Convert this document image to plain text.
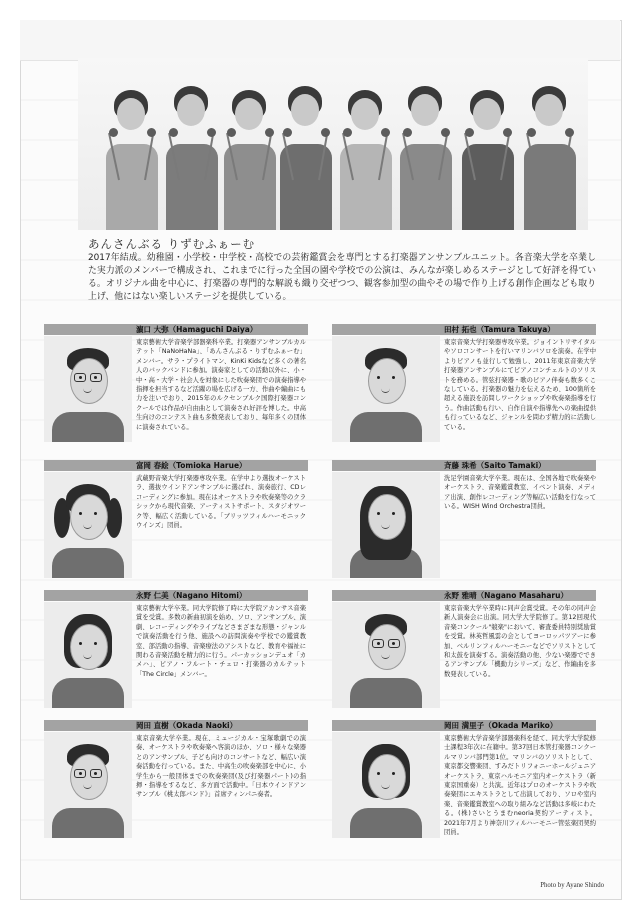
あんさんぶる りずむふぁーむ
2017年結成。幼稚園・小学校・中学校・高校での芸術鑑賞会を専門とする打楽器アンサンブルユニット。各音楽大学を卒業した実力派のメンバーで構成され、これまでに行った全国の園や学校での公演は、みんなが楽しめるステージとして好評を得ている。オリジナル曲を中心に、打楽器の専門的な解説も織り交ぜつつ、観客参加型の曲やその場で作り上げる創作企画なども取り上げ、他にはない楽しいステージを提供している。
濵口 大弥（Hamaguchi Daiya）
東京藝術大学音楽学部器楽科卒業。打楽器アンサンブルカルテット「NaNoHaNa」、「あんさんぶる・りずむふぁーむ」メンバー。サラ・プライトマン、KinKi Kidsなど多くの著名人のバックバンドに参加。演奏家としての活動以外に、小・中・高・大学・社会人を対象にした吹奏楽団での演奏指導や指揮を担当するなど活躍の場を広げる一方、作曲や編曲にも力を注いでおり、2015年のルクセンブルク国際打楽器コンクールでは作品が自由曲として演奏され好評を博した。中高生向けのコンテスト曲も多数発表しており、毎年多くの団体に演奏されている。
田村 拓也（Tamura Takuya）
東京音楽大学打楽器専攻卒業。ジョイントリサイタルやソロコンサートを行いマリンバソロを演奏。在学中よりピアノも並行して勉強し、2011年東京音楽大学打楽器アンサンブルにてピアノコンチェルトのソリストを務める。管弦打楽器・歌のピアノ伴奏も数多くこなしている。打楽器の魅力を伝えるため、100箇所を超える施設を訪問しワークショップや吹奏楽指導を行う。作曲活動も行い、自作自演や指導先への楽曲提供も行っているなど、ジャンルを問わず精力的に活動している。
富岡 春絵（Tomioka Harue）
武蔵野音楽大学打楽器専攻卒業。在学中より選抜オーケストラ、選抜ウインドアンサンブルに選ばれ、演奏旅行、CDレコーディングに参加。現在はオーケストラや吹奏楽等のクラシックから現代音楽、アーティストサポート、スタジオワーク等、幅広く活動している。「ブリッツフィルハーモニックウインズ」団員。
斉藤 珠希（Saito Tamaki）
洗足学園音楽大学卒業。現在は、全国各地で吹奏楽やオーケストラ、音楽鑑賞教室、イベント演奏、メディア出演、創作レコーディング等幅広い活動を行なっている。WISH Wind Orchestra団員。
永野 仁美（Nagano Hitomi）
東京藝術大学卒業。同大学院修了時に大学院アカンサス音楽賞を受賞。多数の新曲初演を始め、ソロ、アンサンブル、演劇、レコーディングやライブなどさまざまな形態・ジャンルで演奏活動を行う他、施設への訪問演奏や学校での鑑賞教室、部活動の指導、音楽療法のアシストなど、教育や福祉に関わる音楽活動を精力的に行う。パーカッションデュオ「カメハ」、ピアノ・フルート・チェロ・打楽器のカルテット「The Circle」メンバー。
永野 雅晴（Nagano Masaharu）
東京音楽大学卒業時に同声会賞受賞。その年の同声会新人演奏会に出演。同大学大学院修了。第12回現代音楽コンクール"競楽"において、審査委員特別奨励賞を受賞。林英哲風雲の会としてヨーロッパツアーに参加、ベルリンフィルハーモニーなどでソリストとして和太鼓を演奏する。演奏活動の他、少ない楽器でできるアンサンブル「機動力シリーズ」など、作編曲を多数発表している。
岡田 直樹（Okada Naoki）
東京音楽大学卒業。現在、ミュージカル・宝塚歌劇での演奏、オーケストラや吹奏楽へ客演のほか、ソロ・様々な楽器とのアンサンブル、子ども向けのコンサートなど、幅広い演奏活動を行っている。また、中高生の吹奏楽部を中心に、小学生から一般団体までの吹奏楽団(及び打楽器パート)の指揮・指導をするなど、多方面で活動中。「日本ウインドアンサンブル《桃太郎バンド》」首席ティンパニ奏者。
岡田 満里子（Okada Mariko）
東京藝術大学音楽学部器楽科を経て、同大学大学院修士課程3年次に在籍中。第37回日本管打楽器コンクールマリンバ部門第1位。マリンバのソリストとして、東京都交響楽団、すみだトリフォニーホールジュニアオーケストラ、東京ハルモニア室内オーケストラ（新東京国重奏）と共演。近年はプロのオーケストラや吹奏楽団にエキストラとして出演しており、ソロや室内楽、音楽鑑賞教室への取り組みなど活動は多岐にわたる。(株)さいとうまむneoria契約アーティスト。2021年7月より神奈川フィルハーモニー管弦楽団契約団員。
Photo by Ayane Shindo
